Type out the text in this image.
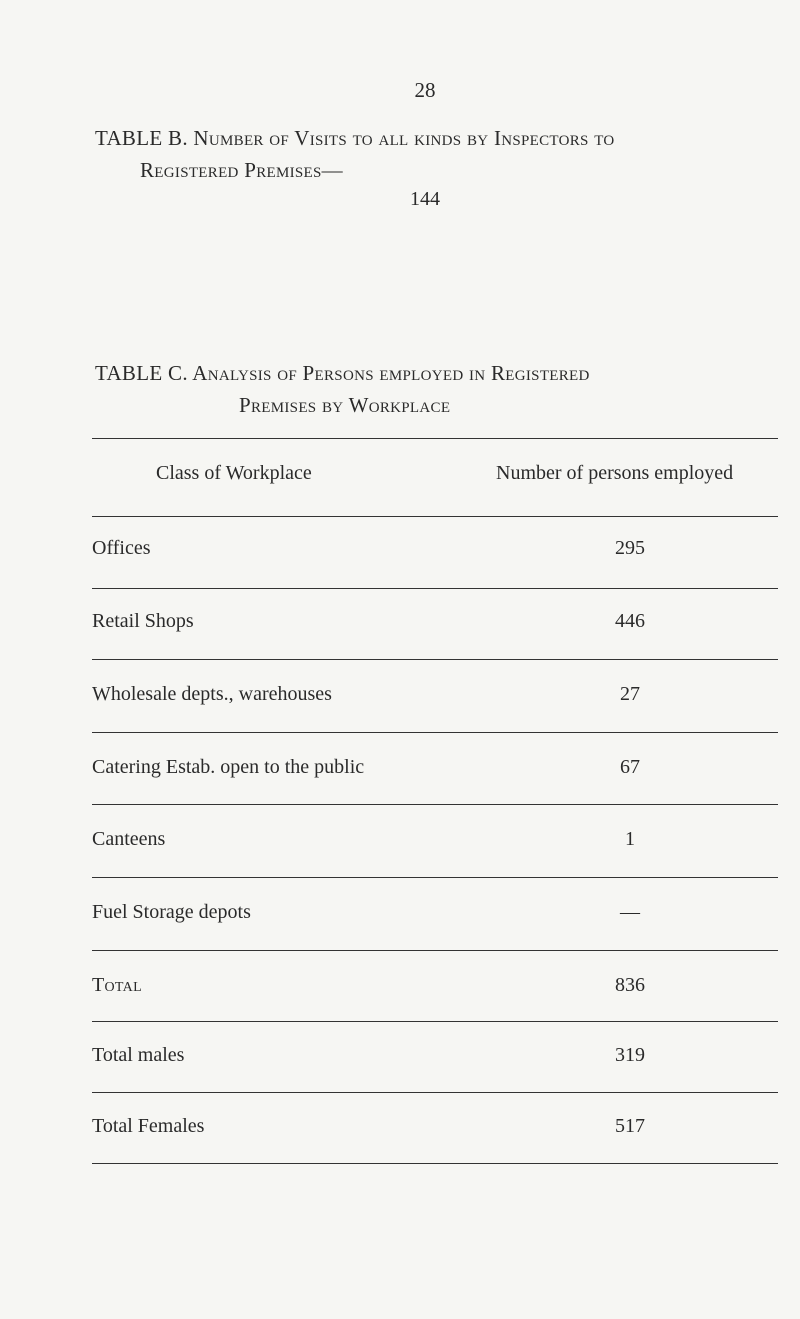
28
TABLE B. Number of Visits to all kinds by Inspectors to
Registered Premises—
144
TABLE C. Analysis of Persons employed in Registered
Premises by Workplace
Class of Workplace	Number of persons employed
Offices	295
Retail Shops	446
Wholesale depts., warehouses	27
Catering Estab. open to the public	67
Canteens	1
Fuel Storage depots	—
Total	836
Total males	319
Total Females	517
